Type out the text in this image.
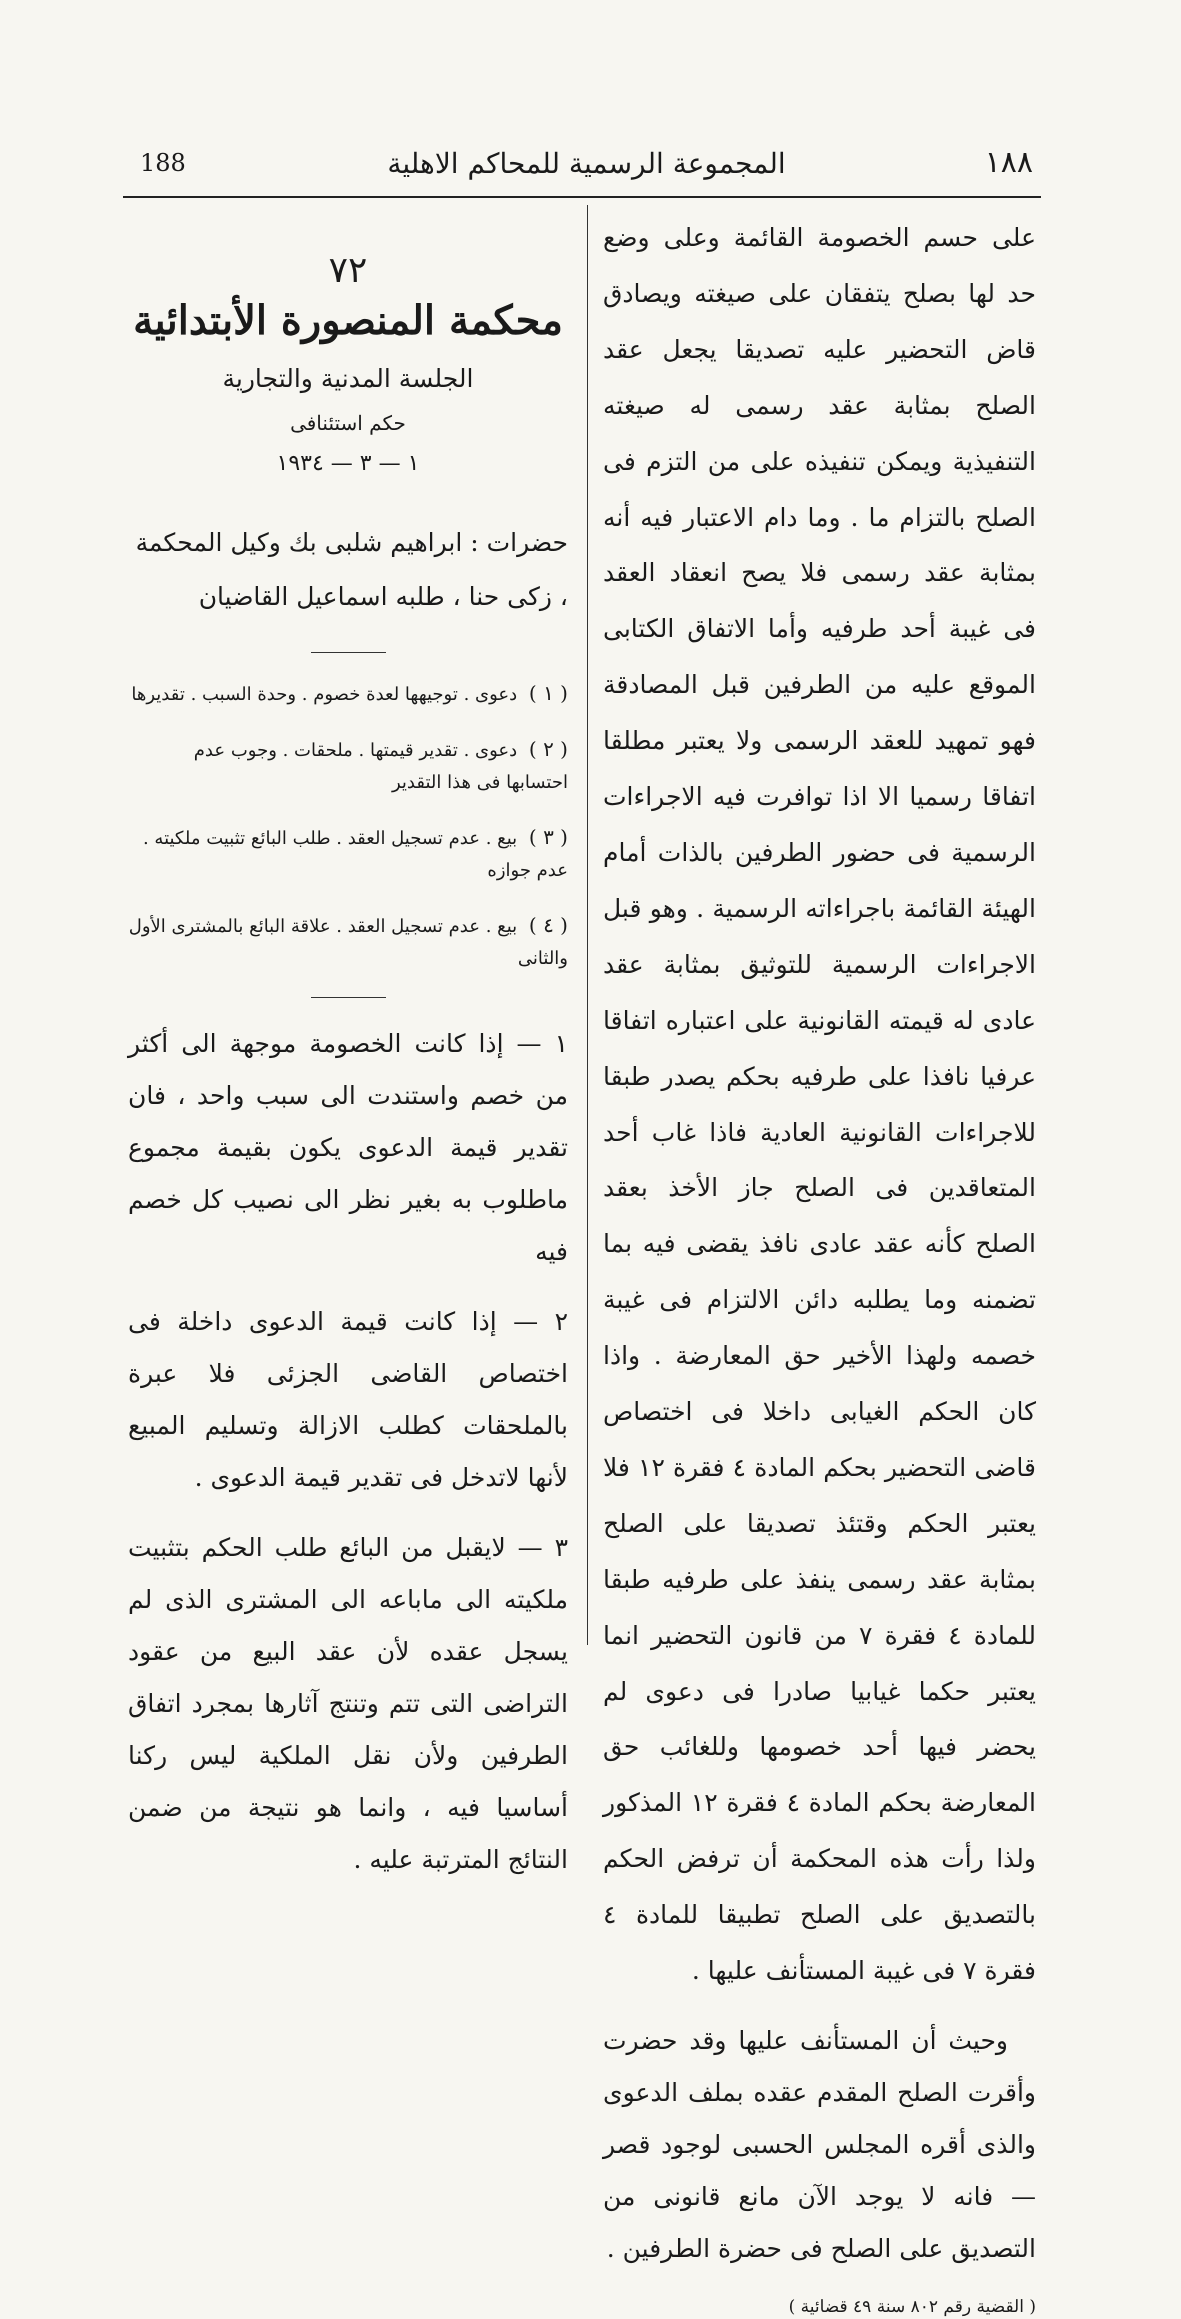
١٨٨
المجموعة الرسمية للمحاكم الاهلية
188

على حسم الخصومة القائمة وعلى وضع حد لها بصلح يتفقان على صيغته ويصادق قاض التحضير عليه تصديقا يجعل عقد الصلح بمثابة عقد رسمى له صيغته التنفيذية ويمكن تنفيذه على من التزم فى الصلح بالتزام ما . وما دام الاعتبار فيه أنه بمثابة عقد رسمى فلا يصح انعقاد العقد فى غيبة أحد طرفيه وأما الاتفاق الكتابى الموقع عليه من الطرفين قبل المصادقة فهو تمهيد للعقد الرسمى ولا يعتبر مطلقا اتفاقا رسميا الا اذا توافرت فيه الاجراءات الرسمية فى حضور الطرفين بالذات أمام الهيئة القائمة باجراءاته الرسمية . وهو قبل الاجراءات الرسمية للتوثيق بمثابة عقد عادى له قيمته القانونية على اعتباره اتفاقا عرفيا نافذا على طرفيه بحكم يصدر طبقا للاجراءات القانونية العادية فاذا غاب أحد المتعاقدين فى الصلح جاز الأخذ بعقد الصلح كأنه عقد عادى نافذ يقضى فيه بما تضمنه وما يطلبه دائن الالتزام فى غيبة خصمه ولهذا الأخير حق المعارضة . واذا كان الحكم الغيابى داخلا فى اختصاص قاضى التحضير بحكم المادة ٤ فقرة ١٢ فلا يعتبر الحكم وقتئذ تصديقا على الصلح بمثابة عقد رسمى ينفذ على طرفيه طبقا للمادة ٤ فقرة ٧ من قانون التحضير انما يعتبر حكما غيابيا صادرا فى دعوى لم يحضر فيها أحد خصومها وللغائب حق المعارضة بحكم المادة ٤ فقرة ١٢ المذكور ولذا رأت هذه المحكمة أن ترفض الحكم بالتصديق على الصلح تطبيقا للمادة ٤ فقرة ٧ فى غيبة المستأنف عليها .

وحيث أن المستأنف عليها وقد حضرت وأقرت الصلح المقدم عقده بملف الدعوى والذى أقره المجلس الحسبى لوجود قصر — فانه لا يوجد الآن مانع قانونى من التصديق على الصلح فى حضرة الطرفين .

( القضية رقم ٨٠٢ سنة ٤٩ قضائية )

٧٢
محكمة المنصورة الأبتدائية
الجلسة المدنية والتجارية
حكم استئنافى
١ — ٣ — ١٩٣٤
حضرات : ابراهيم شلبى بك وكيل المحكمة ، زكى حنا ، طلبه اسماعيل القاضيان

( ١ ) دعوى . توجيهها لعدة خصوم . وحدة السبب . تقديرها

( ٢ ) دعوى . تقدير قيمتها . ملحقات . وجوب عدم احتسابها فى هذا التقدير

( ٣ ) بيع . عدم تسجيل العقد . طلب البائع تثبيت ملكيته . عدم جوازه

( ٤ ) بيع . عدم تسجيل العقد . علاقة البائع بالمشترى الأول والثانى

١ — إذا كانت الخصومة موجهة الى أكثر من خصم واستندت الى سبب واحد ، فان تقدير قيمة الدعوى يكون بقيمة مجموع ماطلوب به بغير نظر الى نصيب كل خصم فيه

٢ — إذا كانت قيمة الدعوى داخلة فى اختصاص القاضى الجزئى فلا عبرة بالملحقات كطلب الازالة وتسليم المبيع لأنها لاتدخل فى تقدير قيمة الدعوى .

٣ — لايقبل من البائع طلب الحكم بتثبيت ملكيته الى ماباعه الى المشترى الذى لم يسجل عقده لأن عقد البيع من عقود التراضى التى تتم وتنتج آثارها بمجرد اتفاق الطرفين ولأن نقل الملكية ليس ركنا أساسيا فيه ، وانما هو نتيجة من ضمن النتائج المترتبة عليه .
